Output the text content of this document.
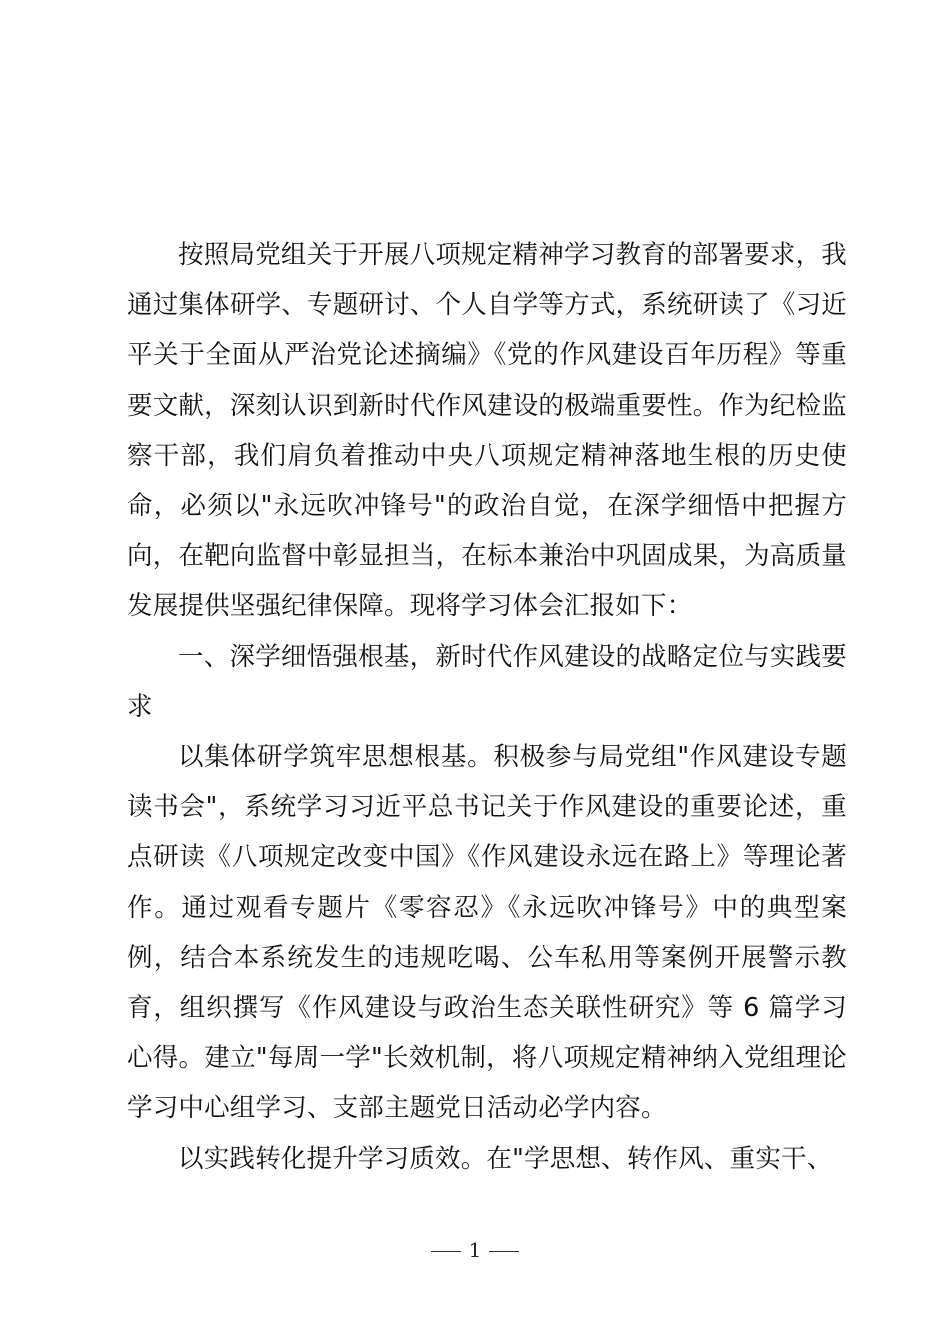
按照局党组关于开展八项规定精神学习教育的部署要求，我通过集体研学、专题研讨、个人自学等方式，系统研读了《习近平关于全面从严治党论述摘编》《党的作风建设百年历程》等重要文献，深刻认识到新时代作风建设的极端重要性。作为纪检监察干部，我们肩负着推动中央八项规定精神落地生根的历史使命，必须以"永远吹冲锋号"的政治自觉，在深学细悟中把握方向，在靶向监督中彰显担当，在标本兼治中巩固成果，为高质量发展提供坚强纪律保障。现将学习体会汇报如下：

一、深学细悟强根基，新时代作风建设的战略定位与实践要求

以集体研学筑牢思想根基。积极参与局党组"作风建设专题读书会"，系统学习习近平总书记关于作风建设的重要论述，重点研读《八项规定改变中国》《作风建设永远在路上》等理论著作。通过观看专题片《零容忍》《永远吹冲锋号》中的典型案例，结合本系统发生的违规吃喝、公车私用等案例开展警示教育，组织撰写《作风建设与政治生态关联性研究》等 6 篇学习心得。建立"每周一学"长效机制，将八项规定精神纳入党组理论学习中心组学习、支部主题党日活动必学内容。

以实践转化提升学习质效。在"学思想、转作风、重实干、

1
